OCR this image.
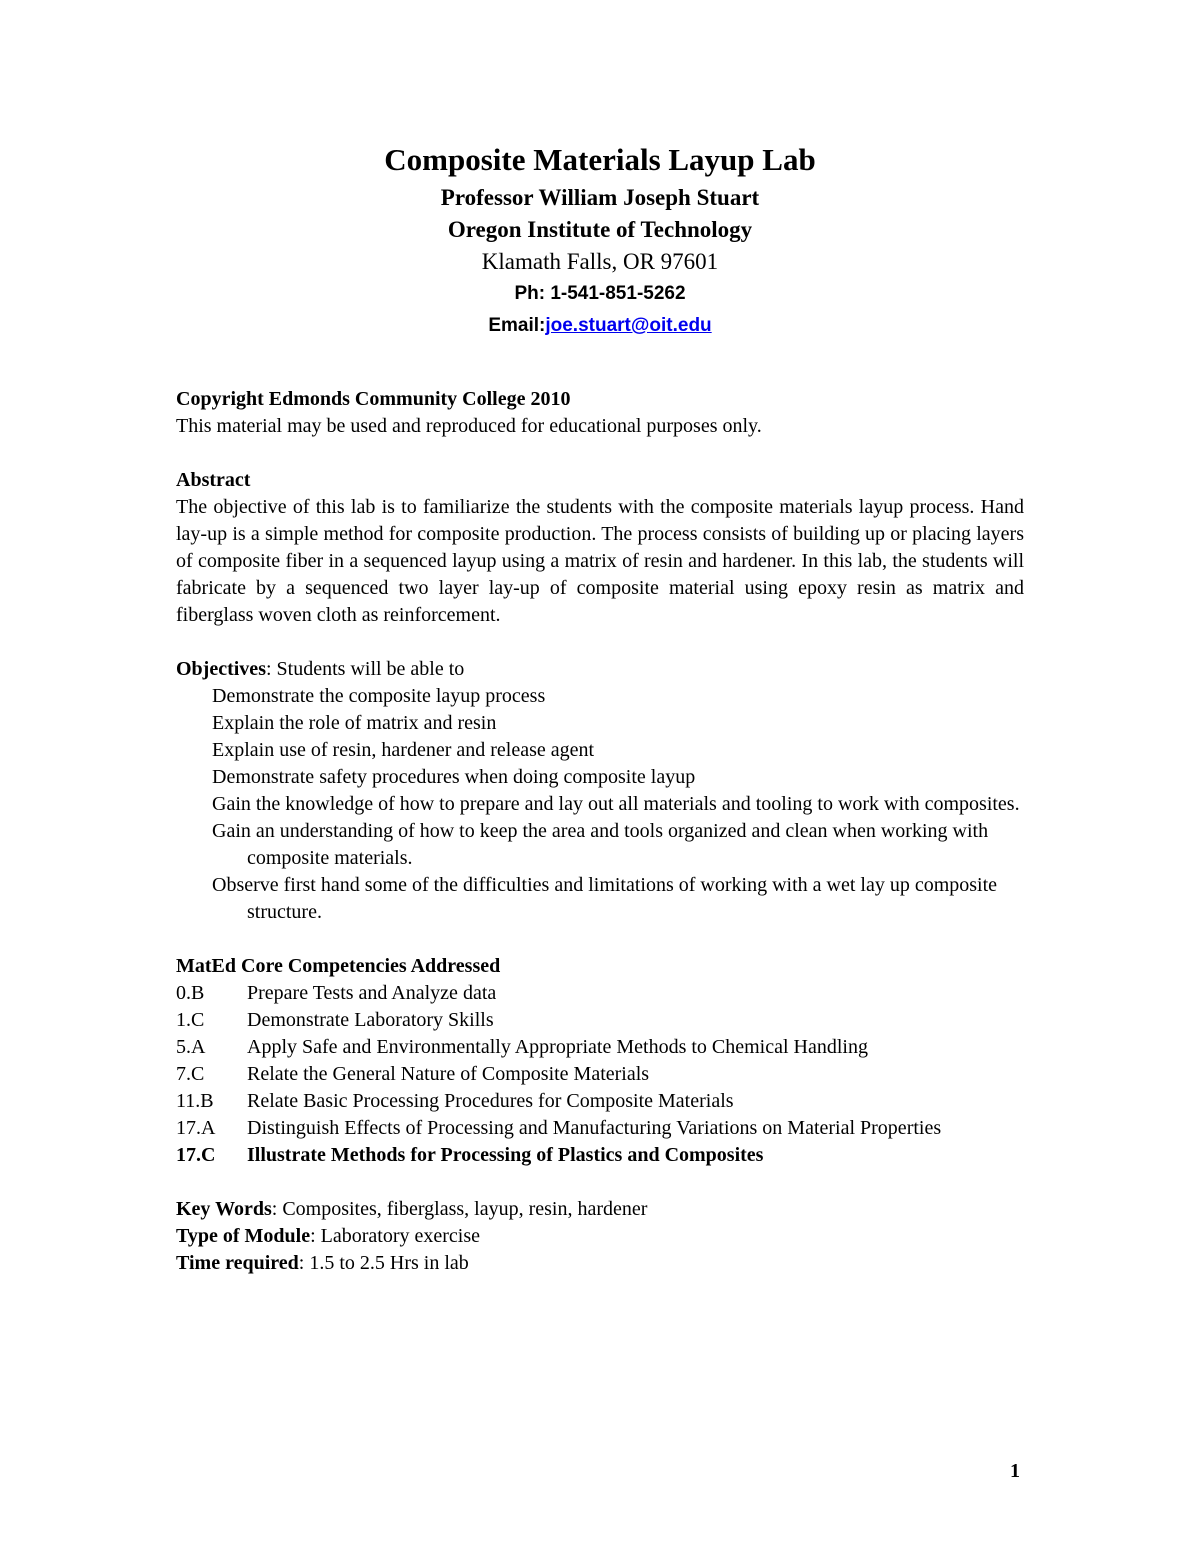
Composite Materials Layup Lab

Professor William Joseph Stuart

Oregon Institute of Technology

Klamath Falls, OR 97601

Ph: 1-541-851-5262

Email:joe.stuart@oit.edu

Copyright Edmonds Community College 2010

This material may be used and reproduced for educational purposes only.

Abstract

The objective of this lab is to familiarize the students with the composite materials layup process. Hand lay-up is a simple method for composite production. The process consists of building up or placing layers of composite fiber in a sequenced layup using a matrix of resin and hardener. In this lab, the students will fabricate by a sequenced two layer lay-up of composite material using epoxy resin as matrix and fiberglass woven cloth as reinforcement.

Objectives: Students will be able to

Demonstrate the composite layup process

Explain the role of matrix and resin

Explain use of resin, hardener and release agent

Demonstrate safety procedures when doing composite layup

Gain the knowledge of how to prepare and lay out all materials and tooling to work with composites.

Gain an understanding of how to keep the area and tools organized and clean when working with composite materials.

Observe first hand some of the difficulties and limitations of working with a wet lay up composite structure.

MatEd Core Competencies Addressed

0.B	Prepare Tests and Analyze data
1.C	Demonstrate Laboratory Skills
5.A	Apply Safe and Environmentally Appropriate Methods to Chemical Handling
7.C	Relate the General Nature of Composite Materials
11.B	Relate Basic Processing Procedures for Composite Materials
17.A	Distinguish Effects of Processing and Manufacturing Variations on Material Properties
17.C	Illustrate Methods for Processing of Plastics and Composites

Key Words: Composites, fiberglass, layup, resin, hardener

Type of Module: Laboratory exercise

Time required: 1.5 to 2.5 Hrs in lab

1
